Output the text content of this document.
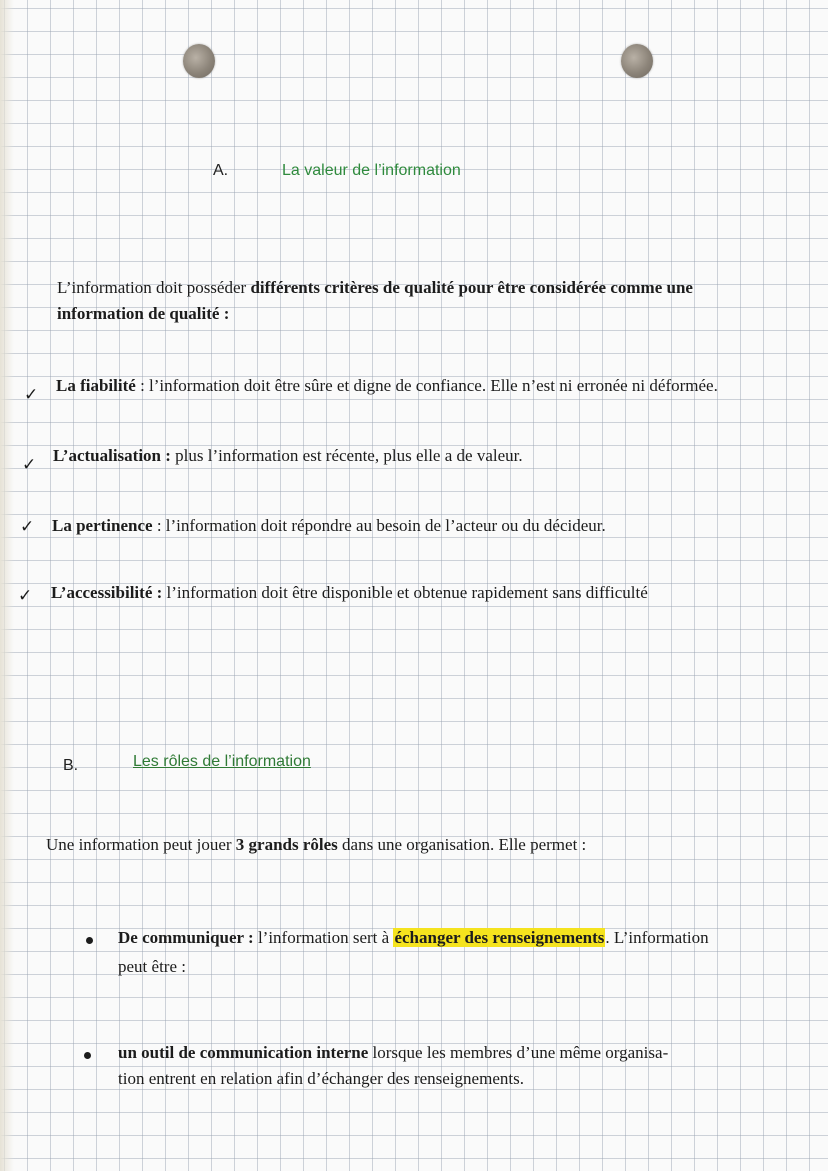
A.	La valeur de l’information
L’information doit posséder différents critères de qualité pour être considérée comme une
information de qualité :
✓ La fiabilité : l’information doit être sûre et digne de confiance. Elle n’est ni erronée ni déformée.
✓ L’actualisation : plus l’information est récente, plus elle a de valeur.
✓ La pertinence : l’information doit répondre au besoin de l’acteur ou du décideur.
✓ L’accessibilité : l’information doit être disponible et obtenue rapidement sans difficulté
B.	Les rôles de l’information
Une information peut jouer 3 grands rôles dans une organisation. Elle permet :
De communiquer : l’information sert à échanger des renseignements. L’information
peut être :
un outil de communication interne lorsque les membres d’une même organisa-
tion entrent en relation afin d’échanger des renseignements.
